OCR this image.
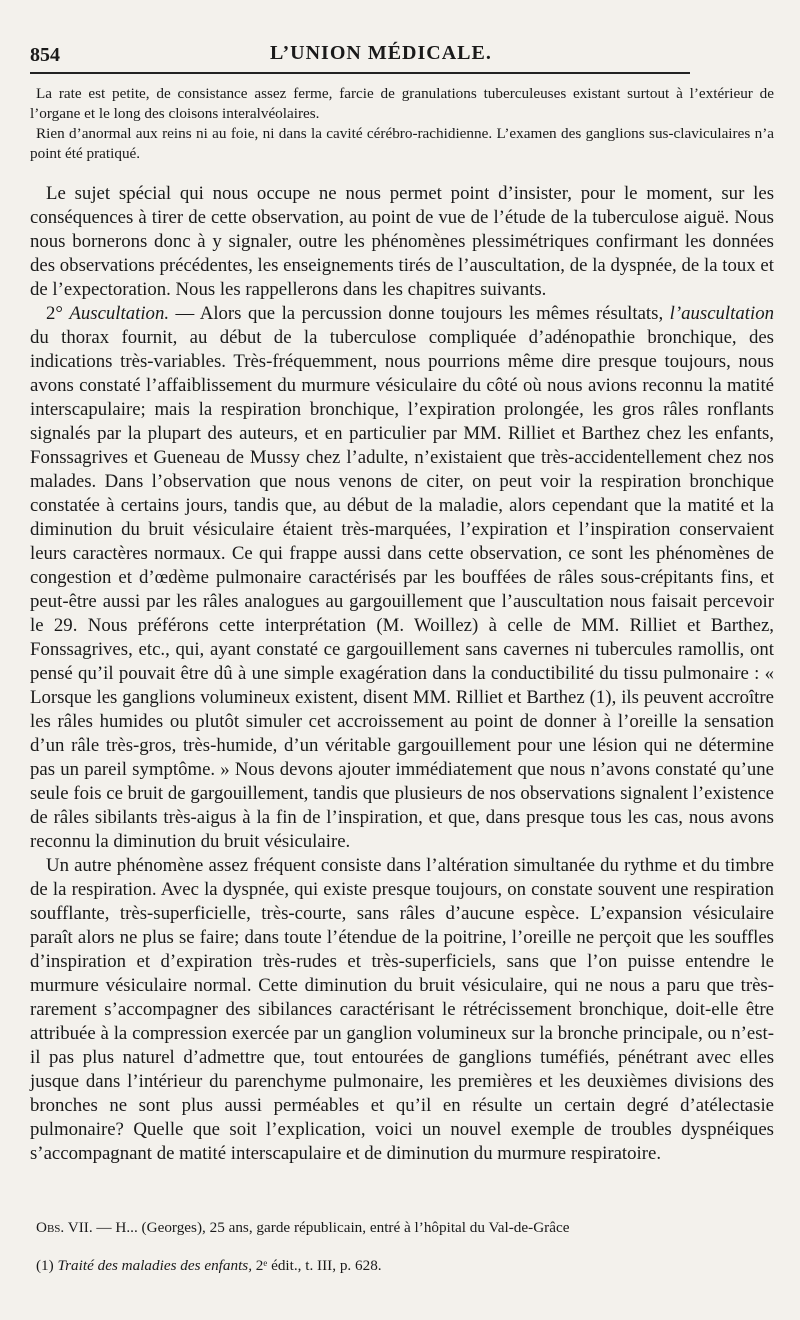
854	L’UNION MÉDICALE.

La rate est petite, de consistance assez ferme, farcie de granulations tuberculeuses existant surtout à l’extérieur de l’organe et le long des cloisons interalvéolaires.

Rien d’anormal aux reins ni au foie, ni dans la cavité cérébro-rachidienne. L’examen des ganglions sus-claviculaires n’a point été pratiqué.

Le sujet spécial qui nous occupe ne nous permet point d’insister, pour le moment, sur les conséquences à tirer de cette observation, au point de vue de l’étude de la tuberculose aiguë. Nous nous bornerons donc à y signaler, outre les phénomènes plessimétriques confirmant les données des observations précédentes, les enseignements tirés de l’auscultation, de la dyspnée, de la toux et de l’expectoration. Nous les rappellerons dans les chapitres suivants.

2° Auscultation. — Alors que la percussion donne toujours les mêmes résultats, l’auscultation du thorax fournit, au début de la tuberculose compliquée d’adénopathie bronchique, des indications très-variables. Très-fréquemment, nous pourrions même dire presque toujours, nous avons constaté l’affaiblissement du murmure vésiculaire du côté où nous avions reconnu la matité interscapulaire; mais la respiration bronchique, l’expiration prolongée, les gros râles ronflants signalés par la plupart des auteurs, et en particulier par MM. Rilliet et Barthez chez les enfants, Fonssagrives et Gueneau de Mussy chez l’adulte, n’existaient que très-accidentellement chez nos malades. Dans l’observation que nous venons de citer, on peut voir la respiration bronchique constatée à certains jours, tandis que, au début de la maladie, alors cependant que la matité et la diminution du bruit vésiculaire étaient très-marquées, l’expiration et l’inspiration conservaient leurs caractères normaux. Ce qui frappe aussi dans cette observation, ce sont les phénomènes de congestion et d’œdème pulmonaire caractérisés par les bouffées de râles sous-crépitants fins, et peut-être aussi par les râles analogues au gargouillement que l’auscultation nous faisait percevoir le 29. Nous préférons cette interprétation (M. Woillez) à celle de MM. Rilliet et Barthez, Fonssagrives, etc., qui, ayant constaté ce gargouillement sans cavernes ni tubercules ramollis, ont pensé qu’il pouvait être dû à une simple exagération dans la conductibilité du tissu pulmonaire : « Lorsque les ganglions volumineux existent, disent MM. Rilliet et Barthez (1), ils peuvent accroître les râles humides ou plutôt simuler cet accroissement au point de donner à l’oreille la sensation d’un râle très-gros, très-humide, d’un véritable gargouillement pour une lésion qui ne détermine pas un pareil symptôme. » Nous devons ajouter immédiatement que nous n’avons constaté qu’une seule fois ce bruit de gargouillement, tandis que plusieurs de nos observations signalent l’existence de râles sibilants très-aigus à la fin de l’inspiration, et que, dans presque tous les cas, nous avons reconnu la diminution du bruit vésiculaire.

Un autre phénomène assez fréquent consiste dans l’altération simultanée du rythme et du timbre de la respiration. Avec la dyspnée, qui existe presque toujours, on constate souvent une respiration soufflante, très-superficielle, très-courte, sans râles d’aucune espèce. L’expansion vésiculaire paraît alors ne plus se faire; dans toute l’étendue de la poitrine, l’oreille ne perçoit que les souffles d’inspiration et d’expiration très-rudes et très-superficiels, sans que l’on puisse entendre le murmure vésiculaire normal. Cette diminution du bruit vésiculaire, qui ne nous a paru que très-rarement s’accompagner des sibilances caractérisant le rétrécissement bronchique, doit-elle être attribuée à la compression exercée par un ganglion volumineux sur la bronche principale, ou n’est-il pas plus naturel d’admettre que, tout entourées de ganglions tuméfiés, pénétrant avec elles jusque dans l’intérieur du parenchyme pulmonaire, les premières et les deuxièmes divisions des bronches ne sont plus aussi perméables et qu’il en résulte un certain degré d’atélectasie pulmonaire? Quelle que soit l’explication, voici un nouvel exemple de troubles dyspnéiques s’accompagnant de matité interscapulaire et de diminution du murmure respiratoire.

Obs. VII. — H... (Georges), 25 ans, garde républicain, entré à l’hôpital du Val-de-Grâce

(1) Traité des maladies des enfants, 2ᵉ édit., t. III, p. 628.
